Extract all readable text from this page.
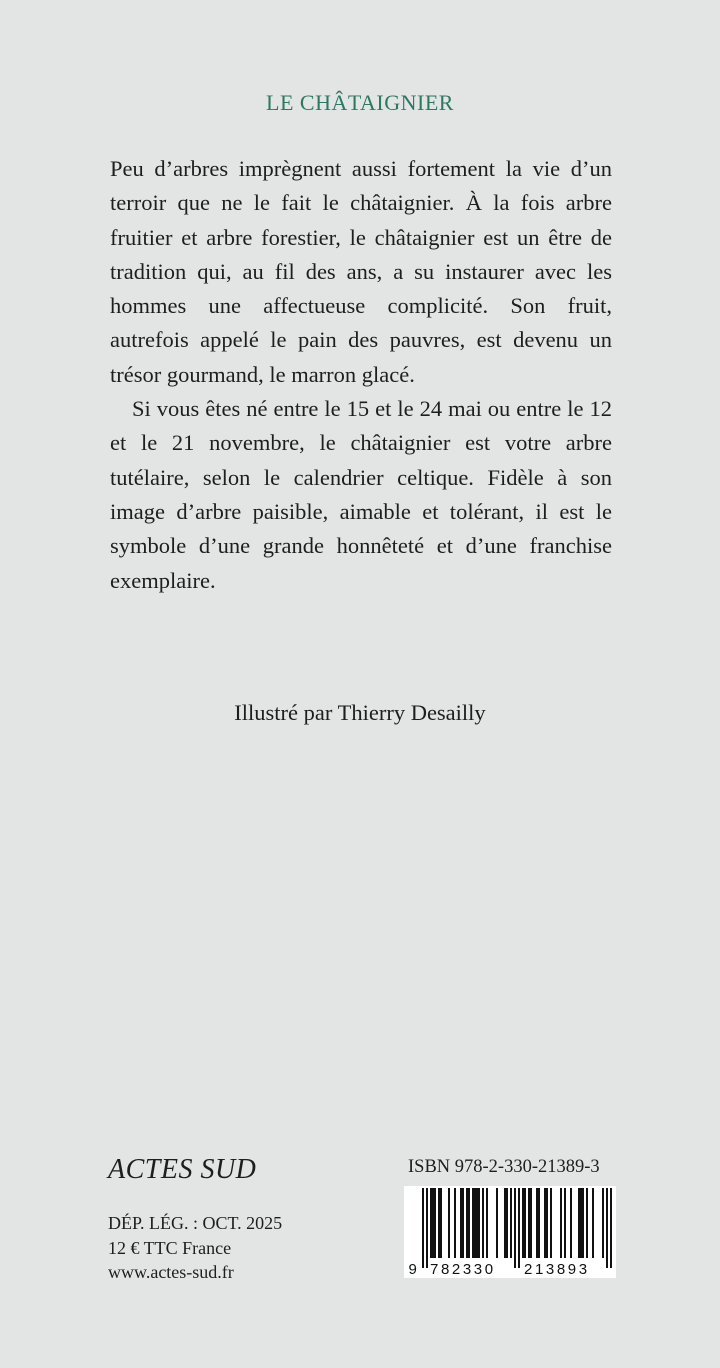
LE CHÂTAIGNIER

Peu d’arbres imprègnent aussi fortement la vie d’un terroir que ne le fait le châtaignier. À la fois arbre fruitier et arbre forestier, le châtaignier est un être de tradition qui, au fil des ans, a su instaurer avec les hommes une affectueuse complicité. Son fruit, autrefois appelé le pain des pauvres, est devenu un trésor gourmand, le marron glacé.

Si vous êtes né entre le 15 et le 24 mai ou entre le 12 et le 21 novembre, le châtaignier est votre arbre tutélaire, selon le calendrier celtique. Fidèle à son image d’arbre paisible, aimable et tolérant, il est le symbole d’une grande honnêteté et d’une franchise exemplaire.

Illustré par Thierry Desailly
ACTES SUD
DÉP. LÉG. : OCT. 2025
12 € TTC France
www.actes-sud.fr
ISBN 978-2-330-21389-3
9 782330 213893
